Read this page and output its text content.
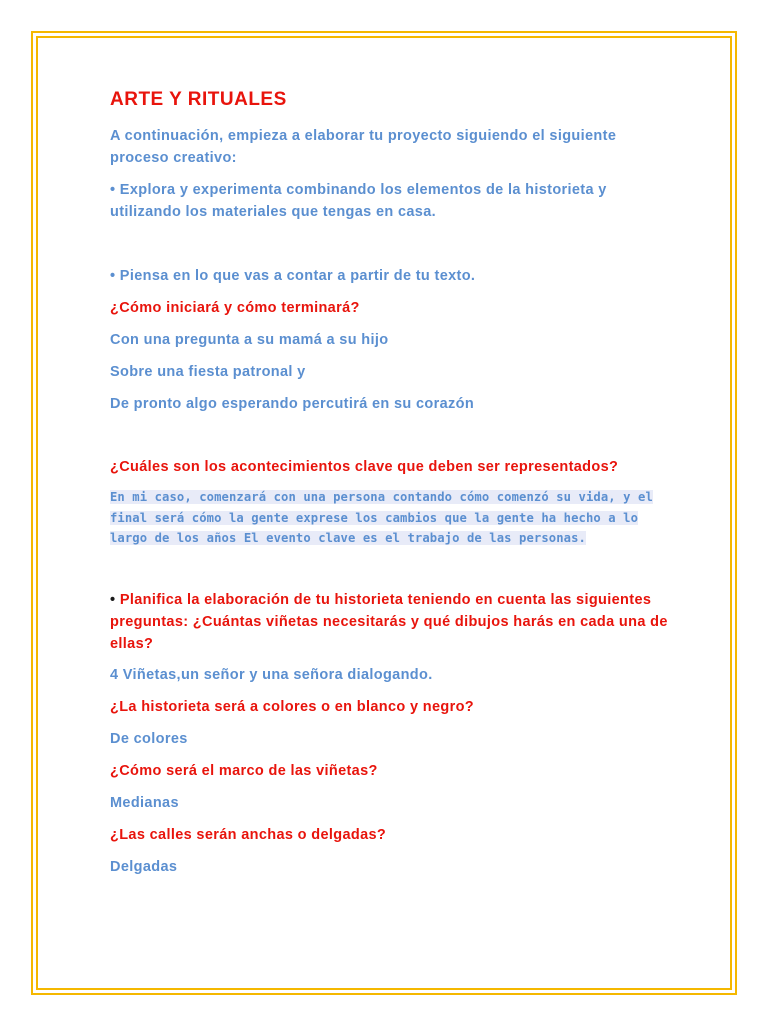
ARTE Y RITUALES

A continuación, empieza a elaborar tu proyecto siguiendo el siguiente proceso creativo:

• Explora y experimenta combinando los elementos de la historieta y utilizando los materiales que tengas en casa.

• Piensa en lo que vas a contar a partir de tu texto.

¿Cómo iniciará y cómo terminará?

Con una pregunta a su mamá a su hijo

Sobre una fiesta patronal y

De pronto algo esperando percutirá en su corazón

¿Cuáles son los acontecimientos clave que deben ser representados?

En mi caso, comenzará con una persona contando cómo comenzó su vida, y el final será cómo la gente exprese los cambios que la gente ha hecho a lo largo de los años El evento clave es el trabajo de las personas.

• Planifica la elaboración de tu historieta teniendo en cuenta las siguientes preguntas: ¿Cuántas viñetas necesitarás y qué dibujos harás en cada una de ellas?

4 Viñetas,un señor y una señora dialogando.

¿La historieta será a colores o en blanco y negro?

De colores

¿Cómo será el marco de las viñetas?

Medianas

¿Las calles serán anchas o delgadas?

Delgadas
